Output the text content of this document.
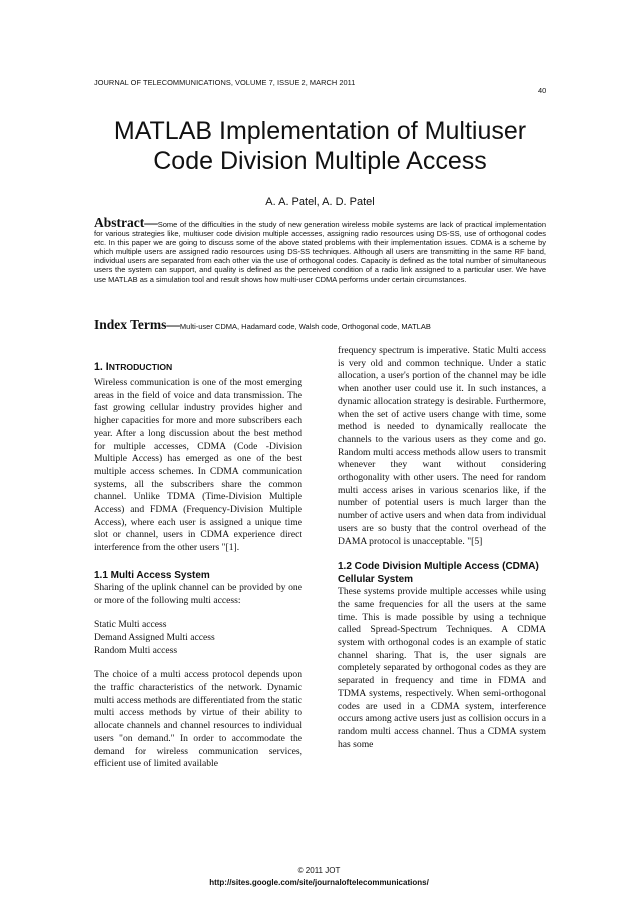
JOURNAL OF TELECOMMUNICATIONS, VOLUME 7, ISSUE 2, MARCH 2011
40
MATLAB Implementation of Multiuser
Code Division Multiple Access
A. A. Patel, A. D. Patel

Abstract—Some of the difficulties in the study of new generation wireless mobile systems are lack of practical implementation for various strategies like, multiuser code division multiple accesses, assigning radio resources using DS-SS, use of orthogonal codes etc. In this paper we are going to discuss some of the above stated problems with their implementation issues. CDMA is a scheme by which multiple users are assigned radio resources using DS-SS techniques. Although all users are transmitting in the same RF band, individual users are separated from each other via the use of orthogonal codes. Capacity is defined as the total number of simultaneous users the system can support, and quality is defined as the perceived condition of a radio link assigned to a particular user. We have use MATLAB as a simulation tool and result shows how multi-user CDMA performs under certain circumstances.

Index Terms—Multi-user CDMA, Hadamard code, Walsh code, Orthogonal code, MATLAB

1. INTRODUCTION

Wireless communication is one of the most emerging areas in the field of voice and data transmission. The fast growing cellular industry provides higher and higher capacities for more and more subscribers each year. After a long discussion about the best method for multiple accesses, CDMA (Code -Division Multiple Access) has emerged as one of the best multiple access schemes. In CDMA communication systems, all the subscribers share the common channel. Unlike TDMA (Time-Division Multiple Access) and FDMA (Frequency-Division Multiple Access), where each user is assigned a unique time slot or channel, users in CDMA experience direct interference from the other users "[1].

1.1 Multi Access System

Sharing of the uplink channel can be provided by one or more of the following multi access:

Static Multi access

Demand Assigned Multi access

Random Multi access

The choice of a multi access protocol depends upon the traffic characteristics of the network. Dynamic multi access methods are differentiated from the static multi access methods by virtue of their ability to allocate channels and channel resources to individual users "on demand." In order to accommodate the demand for wireless communication services, efficient use of limited available

frequency spectrum is imperative. Static Multi access is very old and common technique. Under a static allocation, a user's portion of the channel may be idle when another user could use it. In such instances, a dynamic allocation strategy is desirable. Furthermore, when the set of active users change with time, some method is needed to dynamically reallocate the channels to the various users as they come and go. Random multi access methods allow users to transmit whenever they want without considering orthogonality with other users. The need for random multi access arises in various scenarios like, if the number of potential users is much larger than the number of active users and when data from individual users are so busty that the control overhead of the DAMA protocol is unacceptable. "[5]

1.2 Code Division Multiple Access (CDMA) Cellular System

These systems provide multiple accesses while using the same frequencies for all the users at the same time. This is made possible by using a technique called Spread-Spectrum Techniques. A CDMA system with orthogonal codes is an example of static channel sharing. That is, the user signals are completely separated by orthogonal codes as they are separated in frequency and time in FDMA and TDMA systems, respectively. When semi-orthogonal codes are used in a CDMA system, interference occurs among active users just as collision occurs in a random multi access channel. Thus a CDMA system has some

© 2011 JOT
http://sites.google.com/site/journaloftelecommunications/
